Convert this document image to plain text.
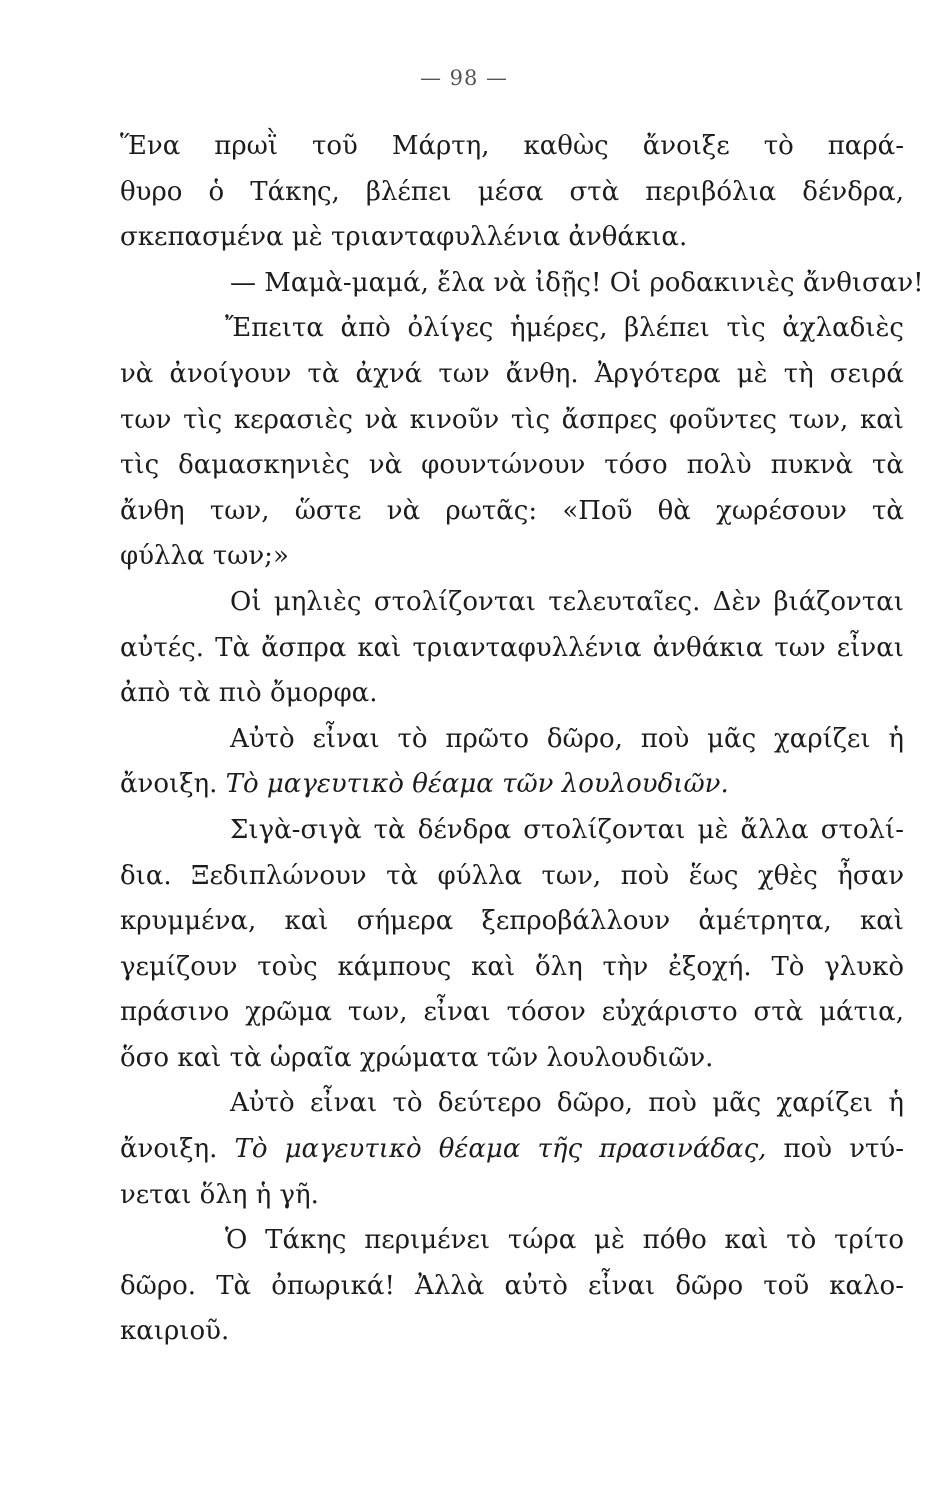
— 98 —
Ἕνα πρωῒ τοῦ Μάρτη, καθὼς ἄνοιξε τὸ παρά-
θυρο ὁ Τάκης, βλέπει μέσα στὰ περιβόλια δένδρα,
σκεπασμένα μὲ τριανταφυλλένια ἀνθάκια.
— Μαμὰ-μαμά, ἔλα νὰ ἰδῇς! Οἱ ροδακινιὲς ἄνθισαν!
Ἔπειτα ἀπὸ ὀλίγες ἡμέρες, βλέπει τὶς ἀχλαδιὲς
νὰ ἀνοίγουν τὰ ἀχνά των ἄνθη. Ἀργότερα μὲ τὴ σειρά
των τὶς κερασιὲς νὰ κινοῦν τὶς ἄσπρες φοῦντες των, καὶ
τὶς δαμασκηνιὲς νὰ φουντώνουν τόσο πολὺ πυκνὰ τὰ
ἄνθη των, ὥστε νὰ ρωτᾶς: «Ποῦ θὰ χωρέσουν τὰ
φύλλα των;»
Οἱ μηλιὲς στολίζονται τελευταῖες. Δὲν βιάζονται
αὐτές. Τὰ ἄσπρα καὶ τριανταφυλλένια ἀνθάκια των εἶναι
ἀπὸ τὰ πιὸ ὄμορφα.
Αὐτὸ εἶναι τὸ πρῶτο δῶρο, ποὺ μᾶς χαρίζει ἡ
ἄνοιξη. Τὸ μαγευτικὸ θέαμα τῶν λουλουδιῶν.
Σιγὰ-σιγὰ τὰ δένδρα στολίζονται μὲ ἄλλα στολί-
δια. Ξεδιπλώνουν τὰ φύλλα των, ποὺ ἕως χθὲς ἦσαν
κρυμμένα, καὶ σήμερα ξεπροβάλλουν ἀμέτρητα, καὶ
γεμίζουν τοὺς κάμπους καὶ ὅλη τὴν ἐξοχή. Τὸ γλυκὸ
πράσινο χρῶμα των, εἶναι τόσον εὐχάριστο στὰ μάτια,
ὅσο καὶ τὰ ὡραῖα χρώματα τῶν λουλουδιῶν.
Αὐτὸ εἶναι τὸ δεύτερο δῶρο, ποὺ μᾶς χαρίζει ἡ
ἄνοιξη. Τὸ μαγευτικὸ θέαμα τῆς πρασινάδας, ποὺ ντύ-
νεται ὅλη ἡ γῆ.
Ὁ Τάκης περιμένει τώρα μὲ πόθο καὶ τὸ τρίτο
δῶρο. Τὰ ὀπωρικά! Ἀλλὰ αὐτὸ εἶναι δῶρο τοῦ καλο-
καιριοῦ.
